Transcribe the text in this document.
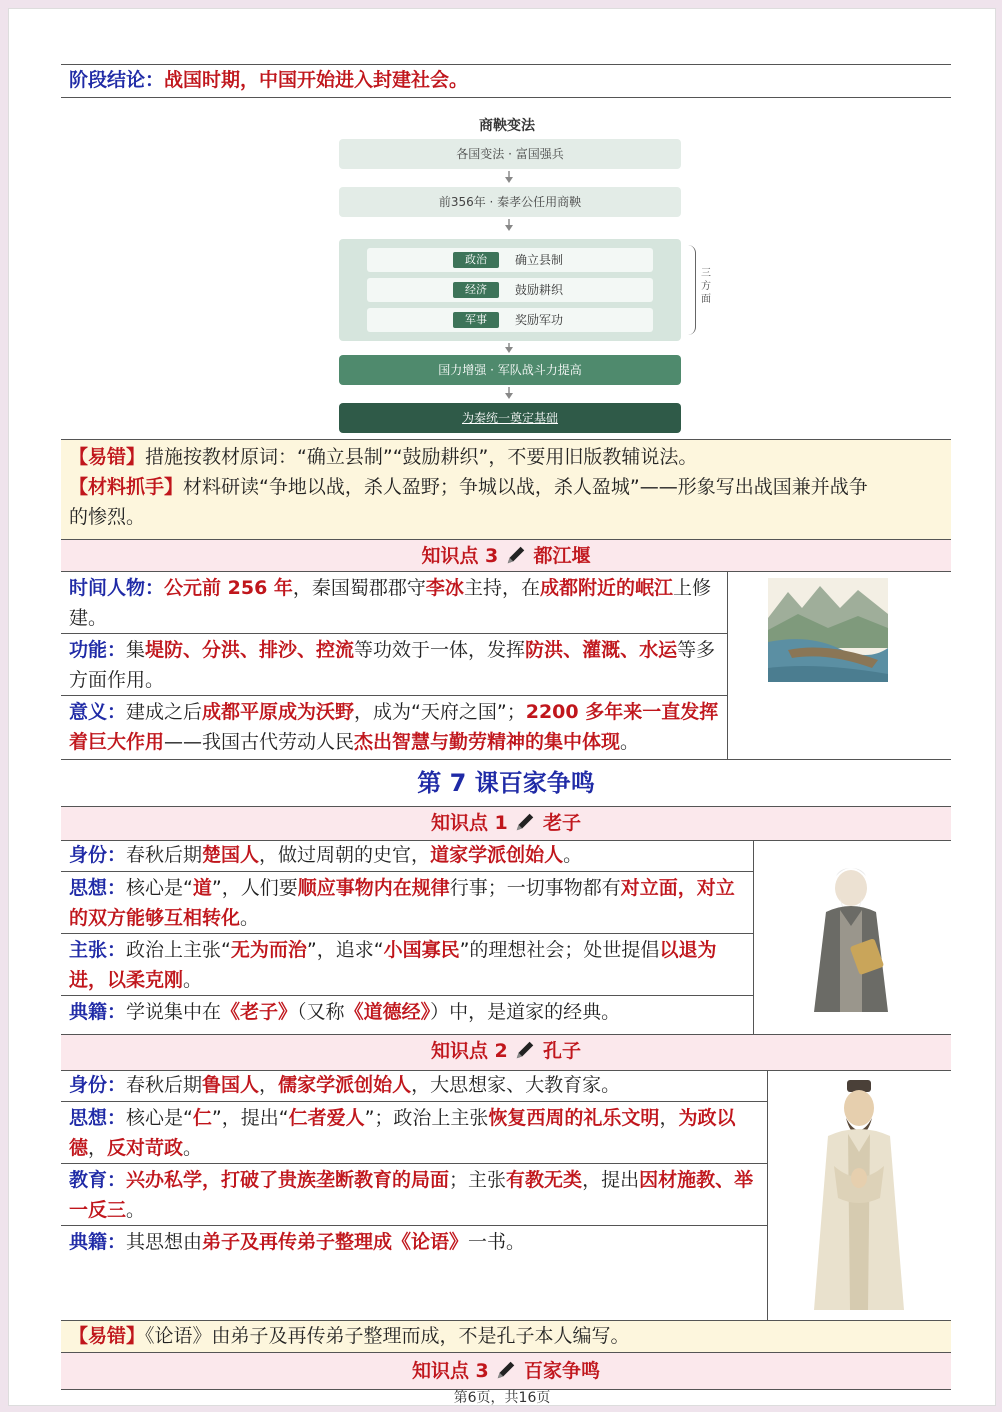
阶段结论：战国时期，中国开始进入封建社会。
商鞅变法
各国变法 · 富国强兵
前356年 · 秦孝公任用商鞅
政治	确立县制
经济	鼓励耕织
军事	奖励军功
三方面
国力增强 · 军队战斗力提高
为秦统一奠定基础
【易错】措施按教材原词：“确立县制”“鼓励耕织”，不要用旧版教辅说法。
【材料抓手】材料研读“争地以战，杀人盈野；争城以战，杀人盈城”——形象写出战国兼并战争
的惨烈。
知识点 3 都江堰
时间人物：公元前 256 年，秦国蜀郡郡守李冰主持，在成都附近的岷江上修建。
功能：集堤防、分洪、排沙、控流等功效于一体，发挥防洪、灌溉、水运等多方面作用。
意义：建成之后成都平原成为沃野，成为“天府之国”；2200 多年来一直发挥着巨大作用——我国古代劳动人民杰出智慧与勤劳精神的集中体现。
第 7 课百家争鸣
知识点 1 老子
身份：春秋后期楚国人，做过周朝的史官，道家学派创始人。
思想：核心是“道”，人们要顺应事物内在规律行事；一切事物都有对立面，对立的双方能够互相转化。
主张：政治上主张“无为而治”，追求“小国寡民”的理想社会；处世提倡以退为进，以柔克刚。
典籍：学说集中在《老子》（又称《道德经》）中，是道家的经典。
知识点 2 孔子
身份：春秋后期鲁国人，儒家学派创始人，大思想家、大教育家。
思想：核心是“仁”，提出“仁者爱人”；政治上主张恢复西周的礼乐文明，为政以德，反对苛政。
教育：兴办私学，打破了贵族垄断教育的局面；主张有教无类，提出因材施教、举一反三。
典籍：其思想由弟子及再传弟子整理成《论语》一书。
【易错】《论语》由弟子及再传弟子整理而成，不是孔子本人编写。
知识点 3 百家争鸣
第6页，共16页
